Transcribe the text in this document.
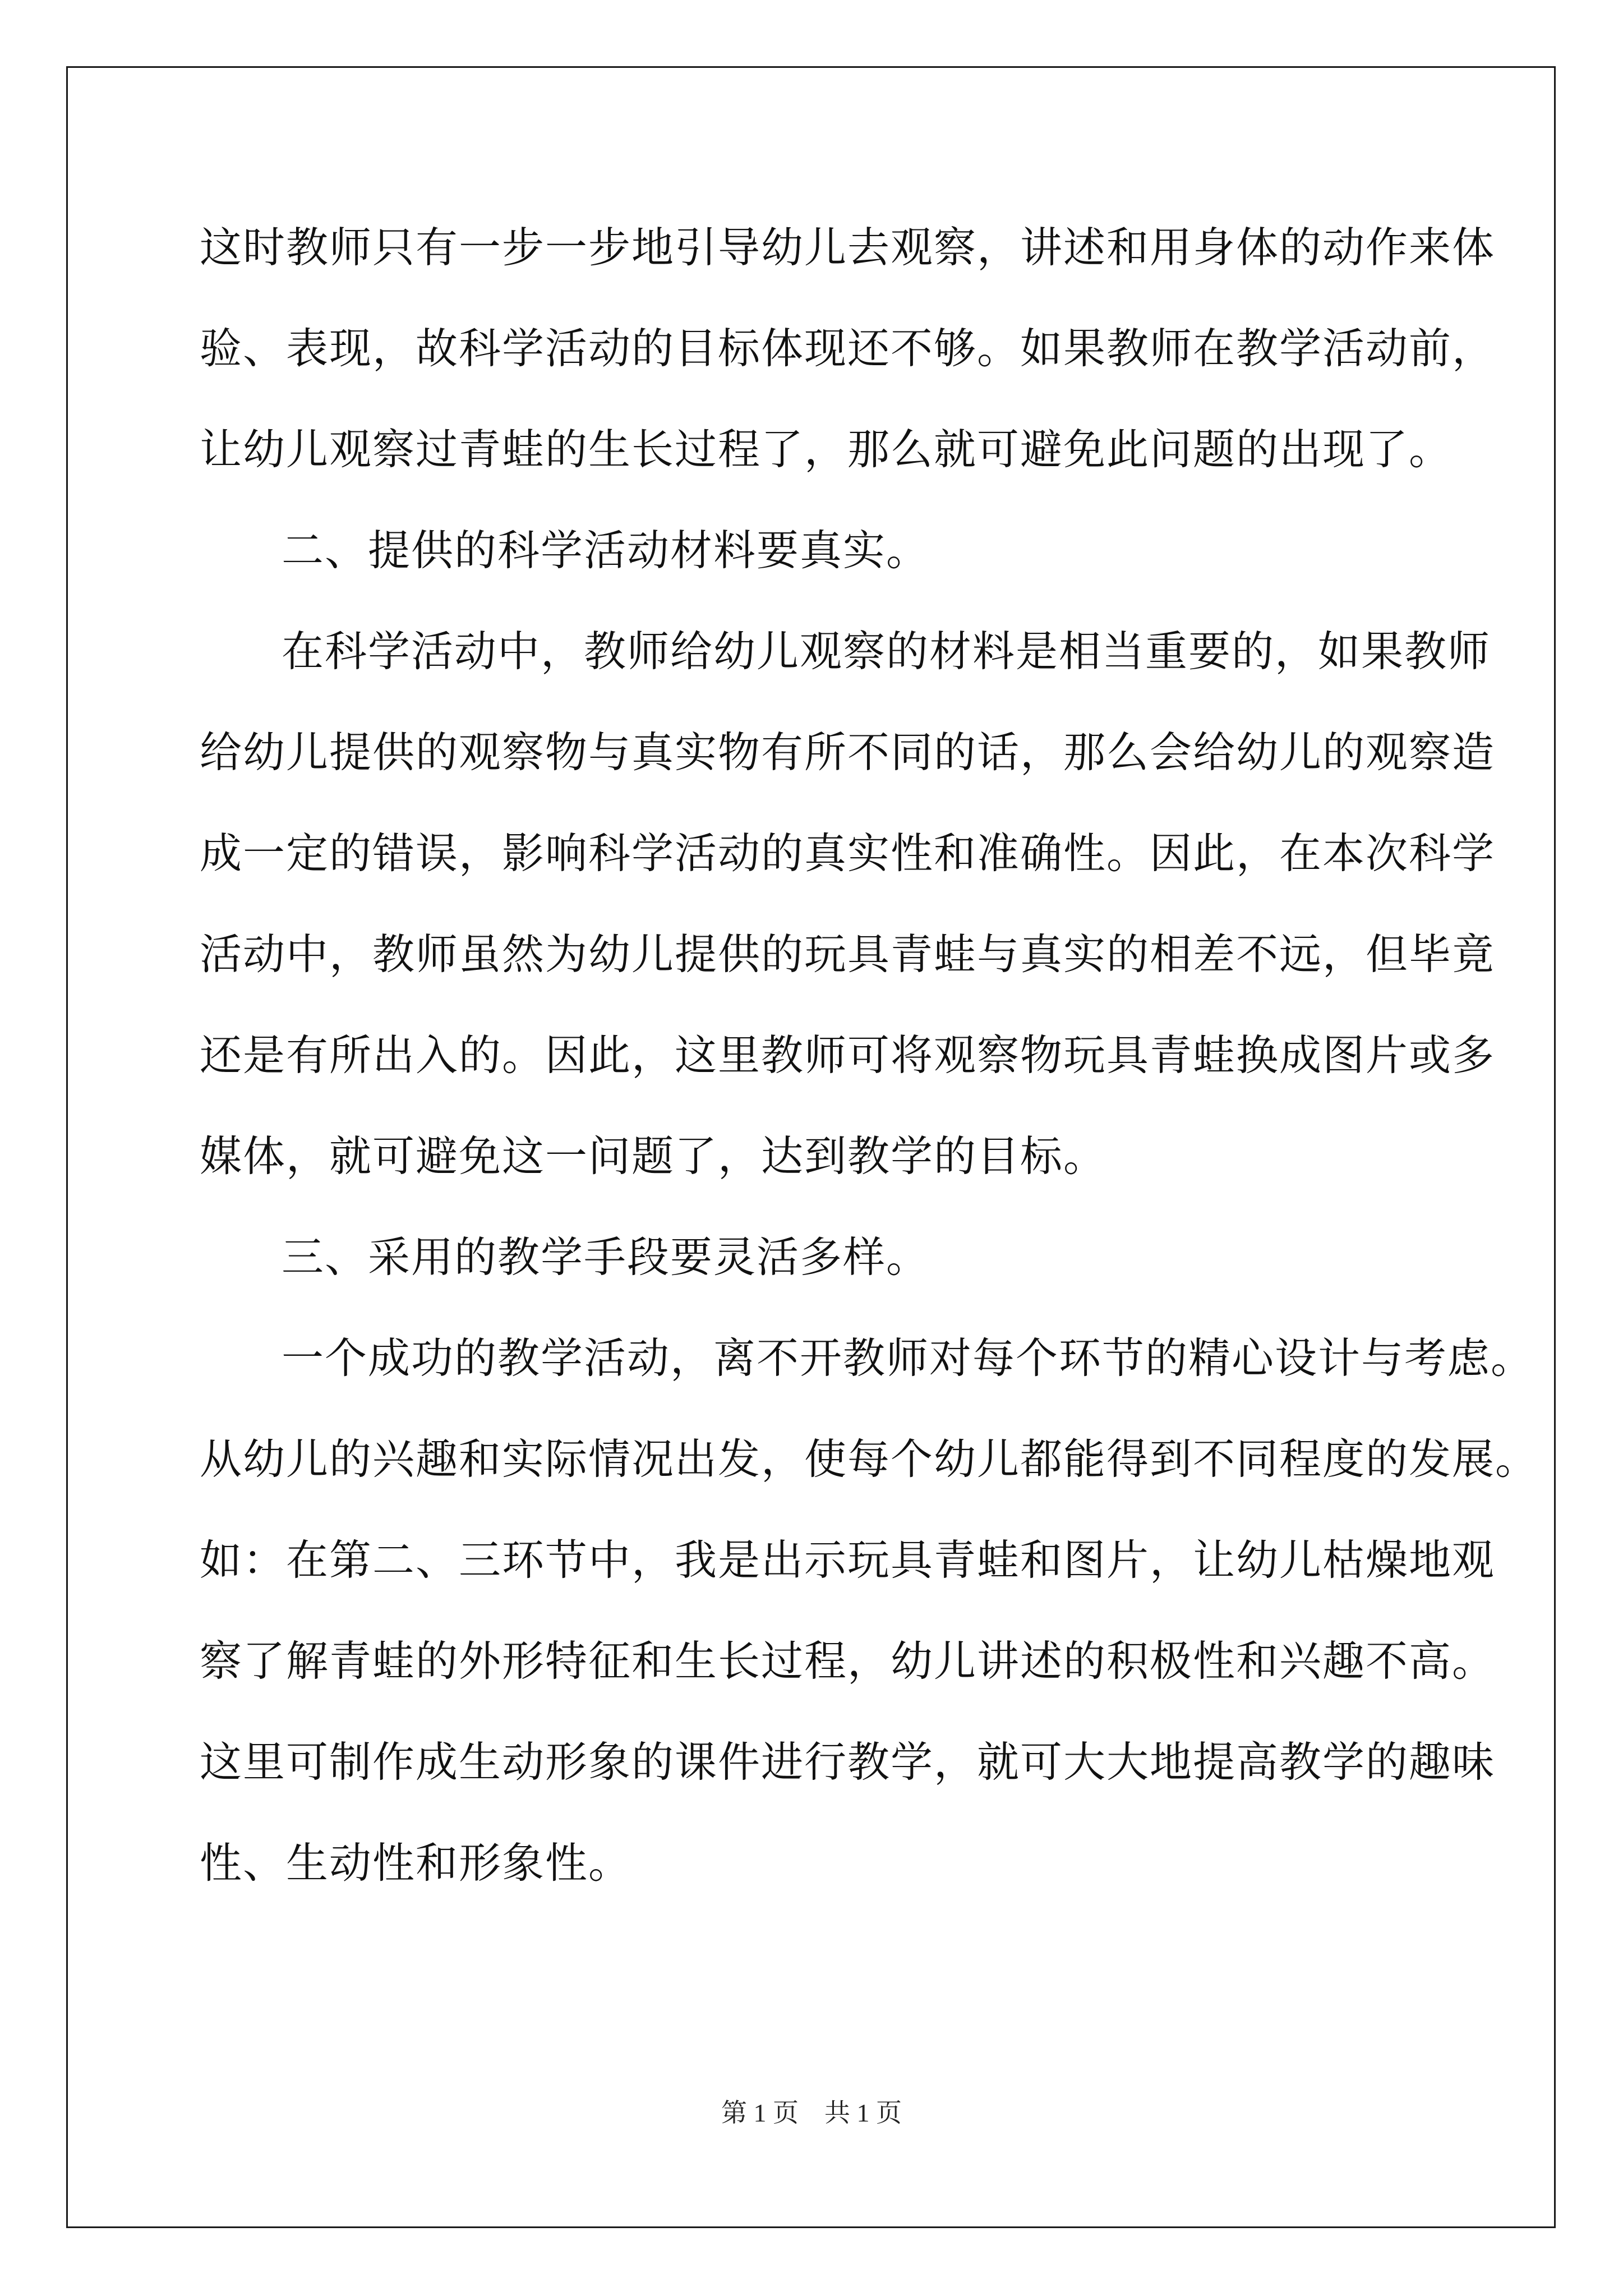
这时教师只有一步一步地引导幼儿去观察，讲述和用身体的动作来体
验、表现，故科学活动的目标体现还不够。如果教师在教学活动前，
让幼儿观察过青蛙的生长过程了，那么就可避免此问题的出现了。
二、提供的科学活动材料要真实。
在科学活动中，教师给幼儿观察的材料是相当重要的，如果教师
给幼儿提供的观察物与真实物有所不同的话，那么会给幼儿的观察造
成一定的错误，影响科学活动的真实性和准确性。因此，在本次科学
活动中，教师虽然为幼儿提供的玩具青蛙与真实的相差不远，但毕竟
还是有所出入的。因此，这里教师可将观察物玩具青蛙换成图片或多
媒体，就可避免这一问题了，达到教学的目标。
三、采用的教学手段要灵活多样。
一个成功的教学活动，离不开教师对每个环节的精心设计与考虑。
从幼儿的兴趣和实际情况出发，使每个幼儿都能得到不同程度的发展。
如：在第二、三环节中，我是出示玩具青蛙和图片，让幼儿枯燥地观
察了解青蛙的外形特征和生长过程，幼儿讲述的积极性和兴趣不高。
这里可制作成生动形象的课件进行教学，就可大大地提高教学的趣味
性、生动性和形象性。
第 1 页　共 1 页
